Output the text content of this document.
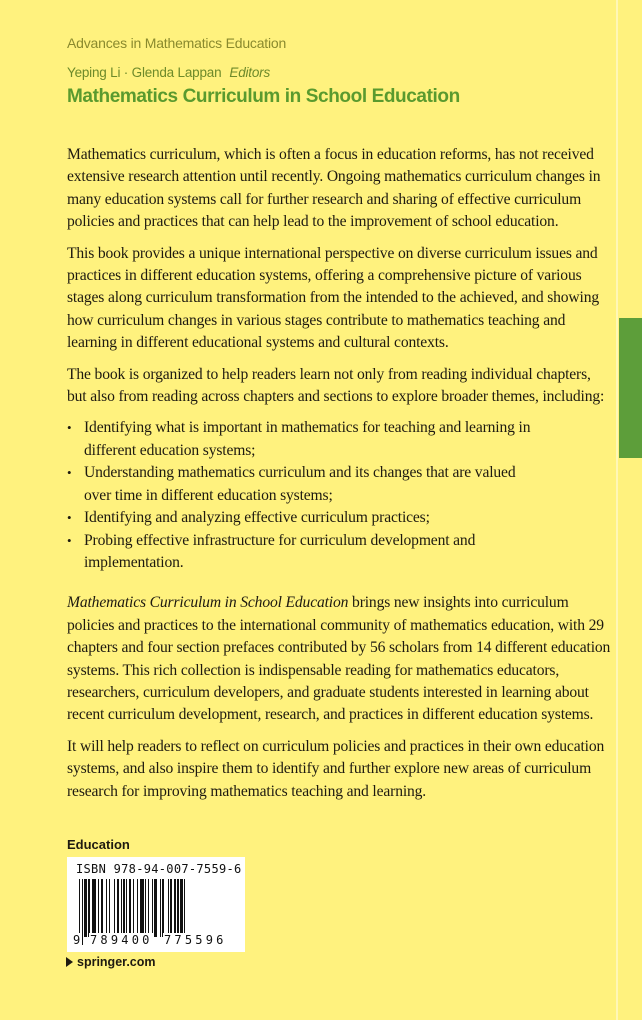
Advances in Mathematics Education
Yeping Li · Glenda Lappan Editors
Mathematics Curriculum in School Education

Mathematics curriculum, which is often a focus in education reforms, has not received extensive research attention until recently. Ongoing mathematics curriculum changes in many education systems call for further research and sharing of effective curriculum policies and practices that can help lead to the improvement of school education.

This book provides a unique international perspective on diverse curriculum issues and practices in different education systems, offering a comprehensive picture of various stages along curriculum transformation from the intended to the achieved, and showing how curriculum changes in various stages contribute to mathematics teaching and learning in different educational systems and cultural contexts.

The book is organized to help readers learn not only from reading individual chapters, but also from reading across chapters and sections to explore broader themes, including:

• Identifying what is important in mathematics for teaching and learning in different education systems;
• Understanding mathematics curriculum and its changes that are valued over time in different education systems;
• Identifying and analyzing effective curriculum practices;
• Probing effective infrastructure for curriculum development and implementation.

Mathematics Curriculum in School Education brings new insights into curriculum policies and practices to the international community of mathematics education, with 29 chapters and four section prefaces contributed by 56 scholars from 14 different education systems. This rich collection is indispensable reading for mathematics educators, researchers, curriculum developers, and graduate students interested in learning about recent curriculum development, research, and practices in different education systems.

It will help readers to reflect on curriculum policies and practices in their own education systems, and also inspire them to identify and further explore new areas of curriculum research for improving mathematics teaching and learning.

Education
ISBN 978-94-007-7559-6
9 789400 775596
springer.com
